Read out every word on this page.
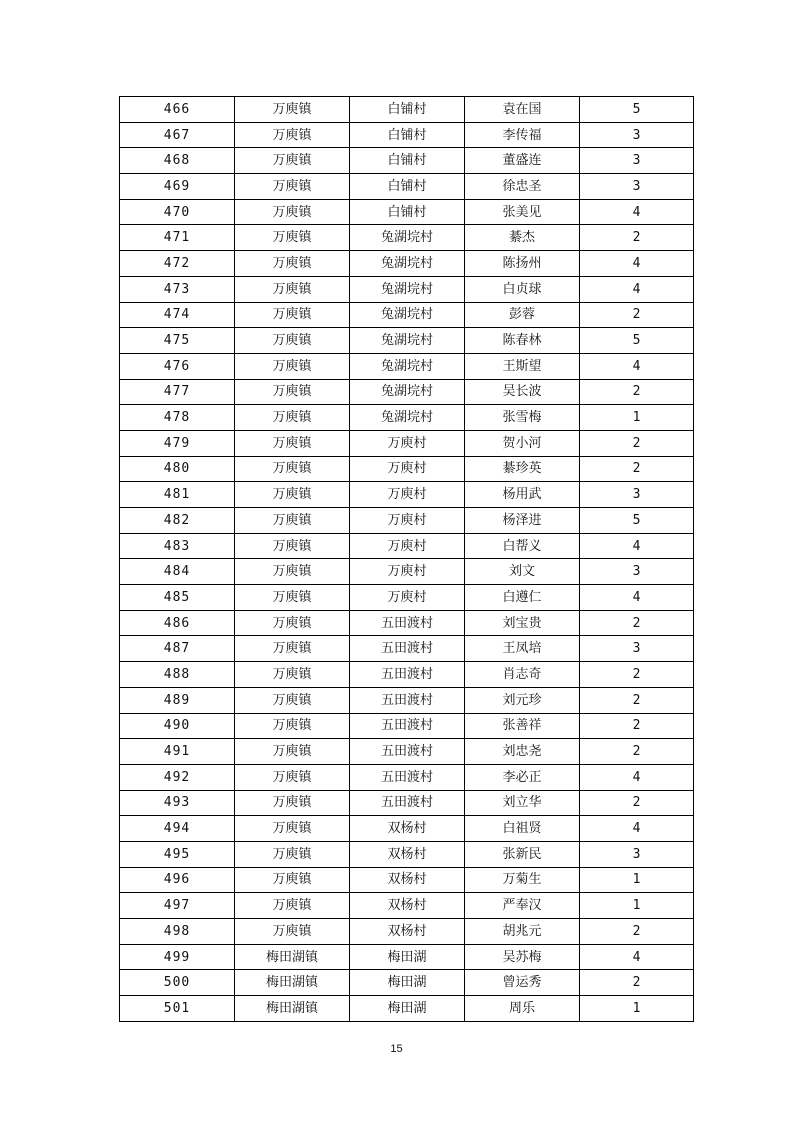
466	万庾镇	白铺村	袁在国	5
467	万庾镇	白铺村	李传福	3
468	万庾镇	白铺村	董盛连	3
469	万庾镇	白铺村	徐忠圣	3
470	万庾镇	白铺村	张美见	4
471	万庾镇	兔湖垸村	綦杰	2
472	万庾镇	兔湖垸村	陈扬州	4
473	万庾镇	兔湖垸村	白贞球	4
474	万庾镇	兔湖垸村	彭蓉	2
475	万庾镇	兔湖垸村	陈春林	5
476	万庾镇	兔湖垸村	王斯望	4
477	万庾镇	兔湖垸村	吴长波	2
478	万庾镇	兔湖垸村	张雪梅	1
479	万庾镇	万庾村	贺小河	2
480	万庾镇	万庾村	綦珍英	2
481	万庾镇	万庾村	杨用武	3
482	万庾镇	万庾村	杨泽进	5
483	万庾镇	万庾村	白帮义	4
484	万庾镇	万庾村	刘文	3
485	万庾镇	万庾村	白遵仁	4
486	万庾镇	五田渡村	刘宝贵	2
487	万庾镇	五田渡村	王凤培	3
488	万庾镇	五田渡村	肖志奇	2
489	万庾镇	五田渡村	刘元珍	2
490	万庾镇	五田渡村	张善祥	2
491	万庾镇	五田渡村	刘忠尧	2
492	万庾镇	五田渡村	李必正	4
493	万庾镇	五田渡村	刘立华	2
494	万庾镇	双杨村	白祖贤	4
495	万庾镇	双杨村	张新民	3
496	万庾镇	双杨村	万菊生	1
497	万庾镇	双杨村	严奉汉	1
498	万庾镇	双杨村	胡兆元	2
499	梅田湖镇	梅田湖	吴苏梅	4
500	梅田湖镇	梅田湖	曾运秀	2
501	梅田湖镇	梅田湖	周乐	1
15
